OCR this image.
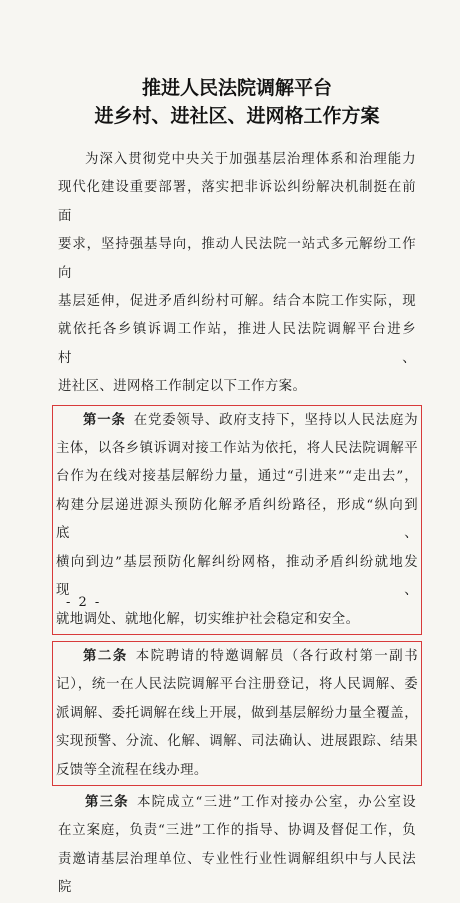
推进人民法院调解平台
进乡村、进社区、进网格工作方案
为深入贯彻党中央关于加强基层治理体系和治理能力
现代化建设重要部署，落实把非诉讼纠纷解决机制挺在前面
要求，坚持强基导向，推动人民法院一站式多元解纷工作向
基层延伸，促进矛盾纠纷村可解。结合本院工作实际，现
就依托各乡镇诉调工作站，推进人民法院调解平台进乡村、
进社区、进网格工作制定以下工作方案。
第一条 在党委领导、政府支持下，坚持以人民法庭为
主体，以各乡镇诉调对接工作站为依托，将人民法院调解平
台作为在线对接基层解纷力量，通过“引进来”“走出去”，
构建分层递进源头预防化解矛盾纠纷路径，形成“纵向到底、
横向到边”基层预防化解纠纷网格，推动矛盾纠纷就地发现、
就地调处、就地化解，切实维护社会稳定和安全。
第二条 本院聘请的特邀调解员（各行政村第一副书
记），统一在人民法院调解平台注册登记，将人民调解、委
派调解、委托调解在线上开展，做到基层解纷力量全覆盖，
实现预警、分流、化解、调解、司法确认、进展跟踪、结果
反馈等全流程在线办理。
第三条 本院成立“三进”工作对接办公室，办公室设
在立案庭，负责“三进”工作的指导、协调及督促工作，负
责邀请基层治理单位、专业性行业性调解组织中与人民法院
- 2 -
